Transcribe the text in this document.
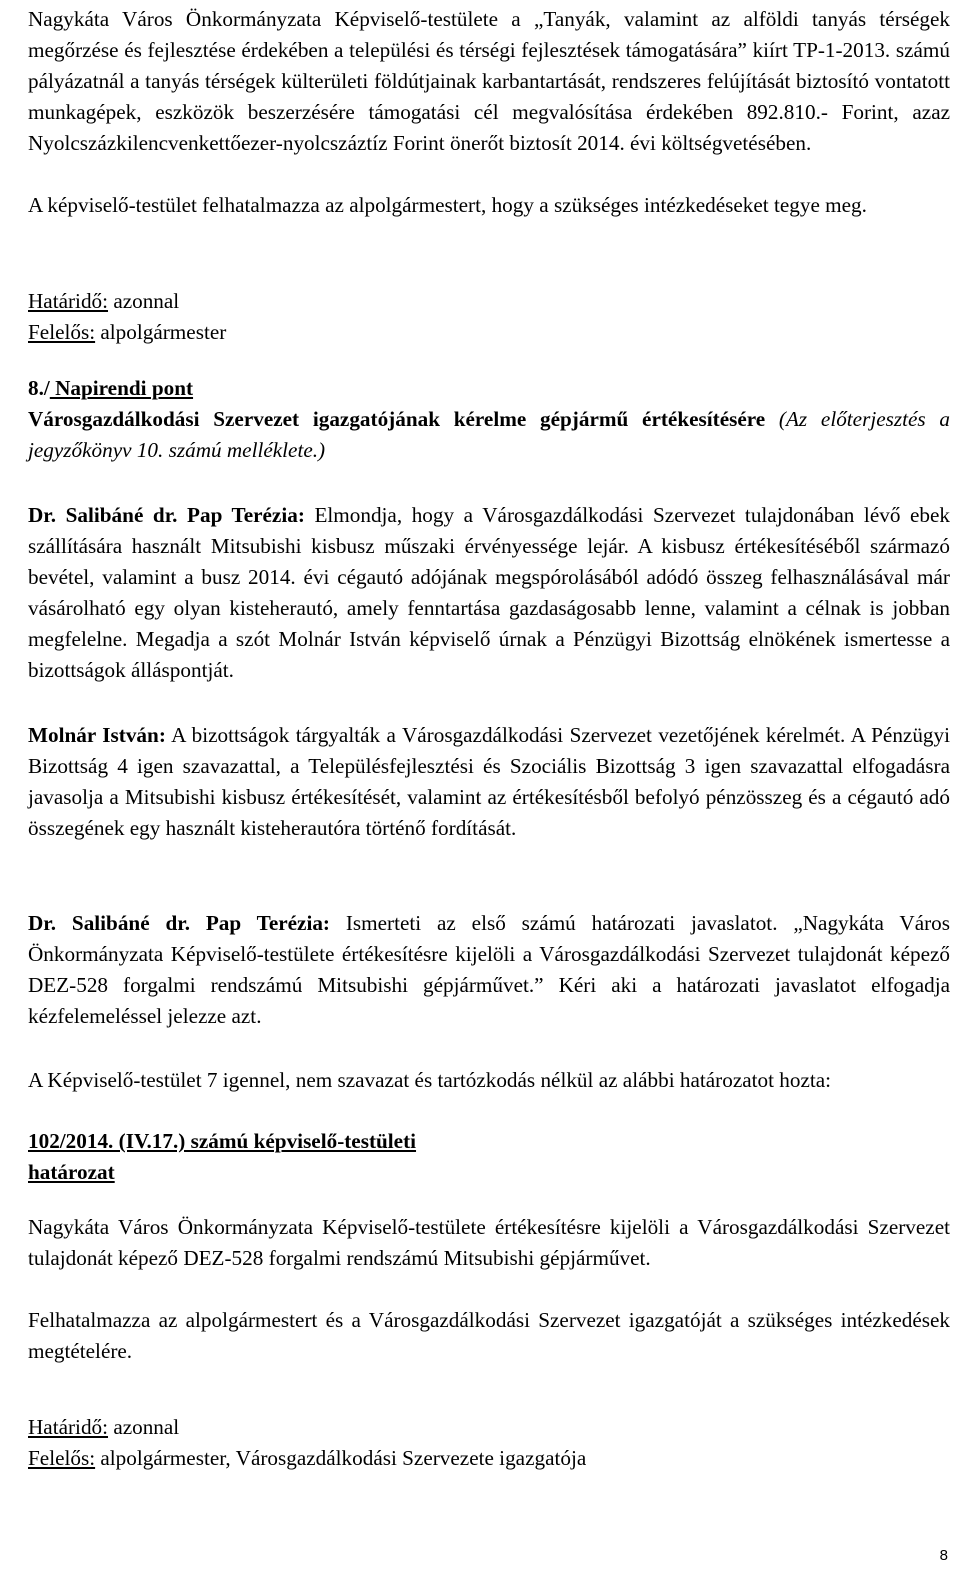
Nagykáta Város Önkormányzata Képviselő-testülete a „Tanyák, valamint az alföldi tanyás térségek megőrzése és fejlesztése érdekében a települési és térségi fejlesztések támogatására” kiírt TP-1-2013. számú pályázatnál a tanyás térségek külterületi földútjainak karbantartását, rendszeres felújítását biztosító vontatott munkagépek, eszközök beszerzésére támogatási cél megvalósítása érdekében 892.810.- Forint, azaz Nyolcszázkilencvenkettőezer-nyolcszáztíz Forint önerőt biztosít 2014. évi költségvetésében.
A képviselő-testület felhatalmazza az alpolgármestert, hogy a szükséges intézkedéseket tegye meg.
Határidő: azonnal
Felelős: alpolgármester
8./ Napirendi pont
Városgazdálkodási Szervezet igazgatójának kérelme gépjármű értékesítésére (Az előterjesztés a jegyzőkönyv 10. számú melléklete.)
Dr. Salibáné dr. Pap Terézia: Elmondja, hogy a Városgazdálkodási Szervezet tulajdonában lévő ebek szállítására használt Mitsubishi kisbusz műszaki érvényessége lejár. A kisbusz értékesítéséből származó bevétel, valamint a busz 2014. évi cégautó adójának megspórolásából adódó összeg felhasználásával már vásárolható egy olyan kisteherautó, amely fenntartása gazdaságosabb lenne, valamint a célnak is jobban megfelelne. Megadja a szót Molnár István képviselő úrnak a Pénzügyi Bizottság elnökének ismertesse a bizottságok álláspontját.
Molnár István: A bizottságok tárgyalták a Városgazdálkodási Szervezet vezetőjének kérelmét. A Pénzügyi Bizottság 4 igen szavazattal, a Településfejlesztési és Szociális Bizottság 3 igen szavazattal elfogadásra javasolja a Mitsubishi kisbusz értékesítését, valamint az értékesítésből befolyó pénzösszeg és a cégautó adó összegének egy használt kisteherautóra történő fordítását.
Dr. Salibáné dr. Pap Terézia: Ismerteti az első számú határozati javaslatot. „Nagykáta Város Önkormányzata Képviselő-testülete értékesítésre kijelöli a Városgazdálkodási Szervezet tulajdonát képező DEZ-528 forgalmi rendszámú Mitsubishi gépjárművet.” Kéri aki a határozati javaslatot elfogadja kézfelemeléssel jelezze azt.
A Képviselő-testület 7 igennel, nem szavazat és tartózkodás nélkül az alábbi határozatot hozta:
102/2014. (IV.17.) számú képviselő-testületi
határozat
Nagykáta Város Önkormányzata Képviselő-testülete értékesítésre kijelöli a Városgazdálkodási Szervezet tulajdonát képező DEZ-528 forgalmi rendszámú Mitsubishi gépjárművet.
Felhatalmazza az alpolgármestert és a Városgazdálkodási Szervezet igazgatóját a szükséges intézkedések megtételére.
Határidő: azonnal
Felelős: alpolgármester, Városgazdálkodási Szervezete igazgatója
8
